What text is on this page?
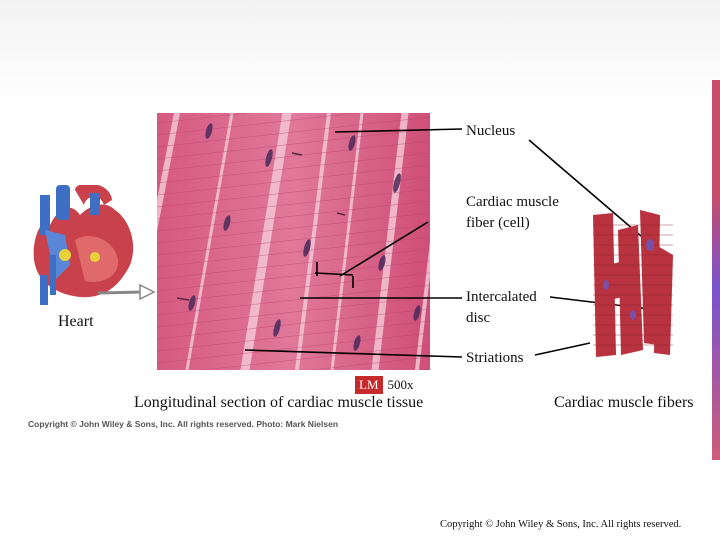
Heart
Nucleus
Cardiac muscle fiber (cell)
Intercalated disc
Striations
LM 500x
Longitudinal section of cardiac muscle tissue	Cardiac muscle fibers
Copyright © John Wiley & Sons, Inc. All rights reserved. Photo: Mark Nielsen
Copyright © John Wiley & Sons, Inc. All rights reserved.
